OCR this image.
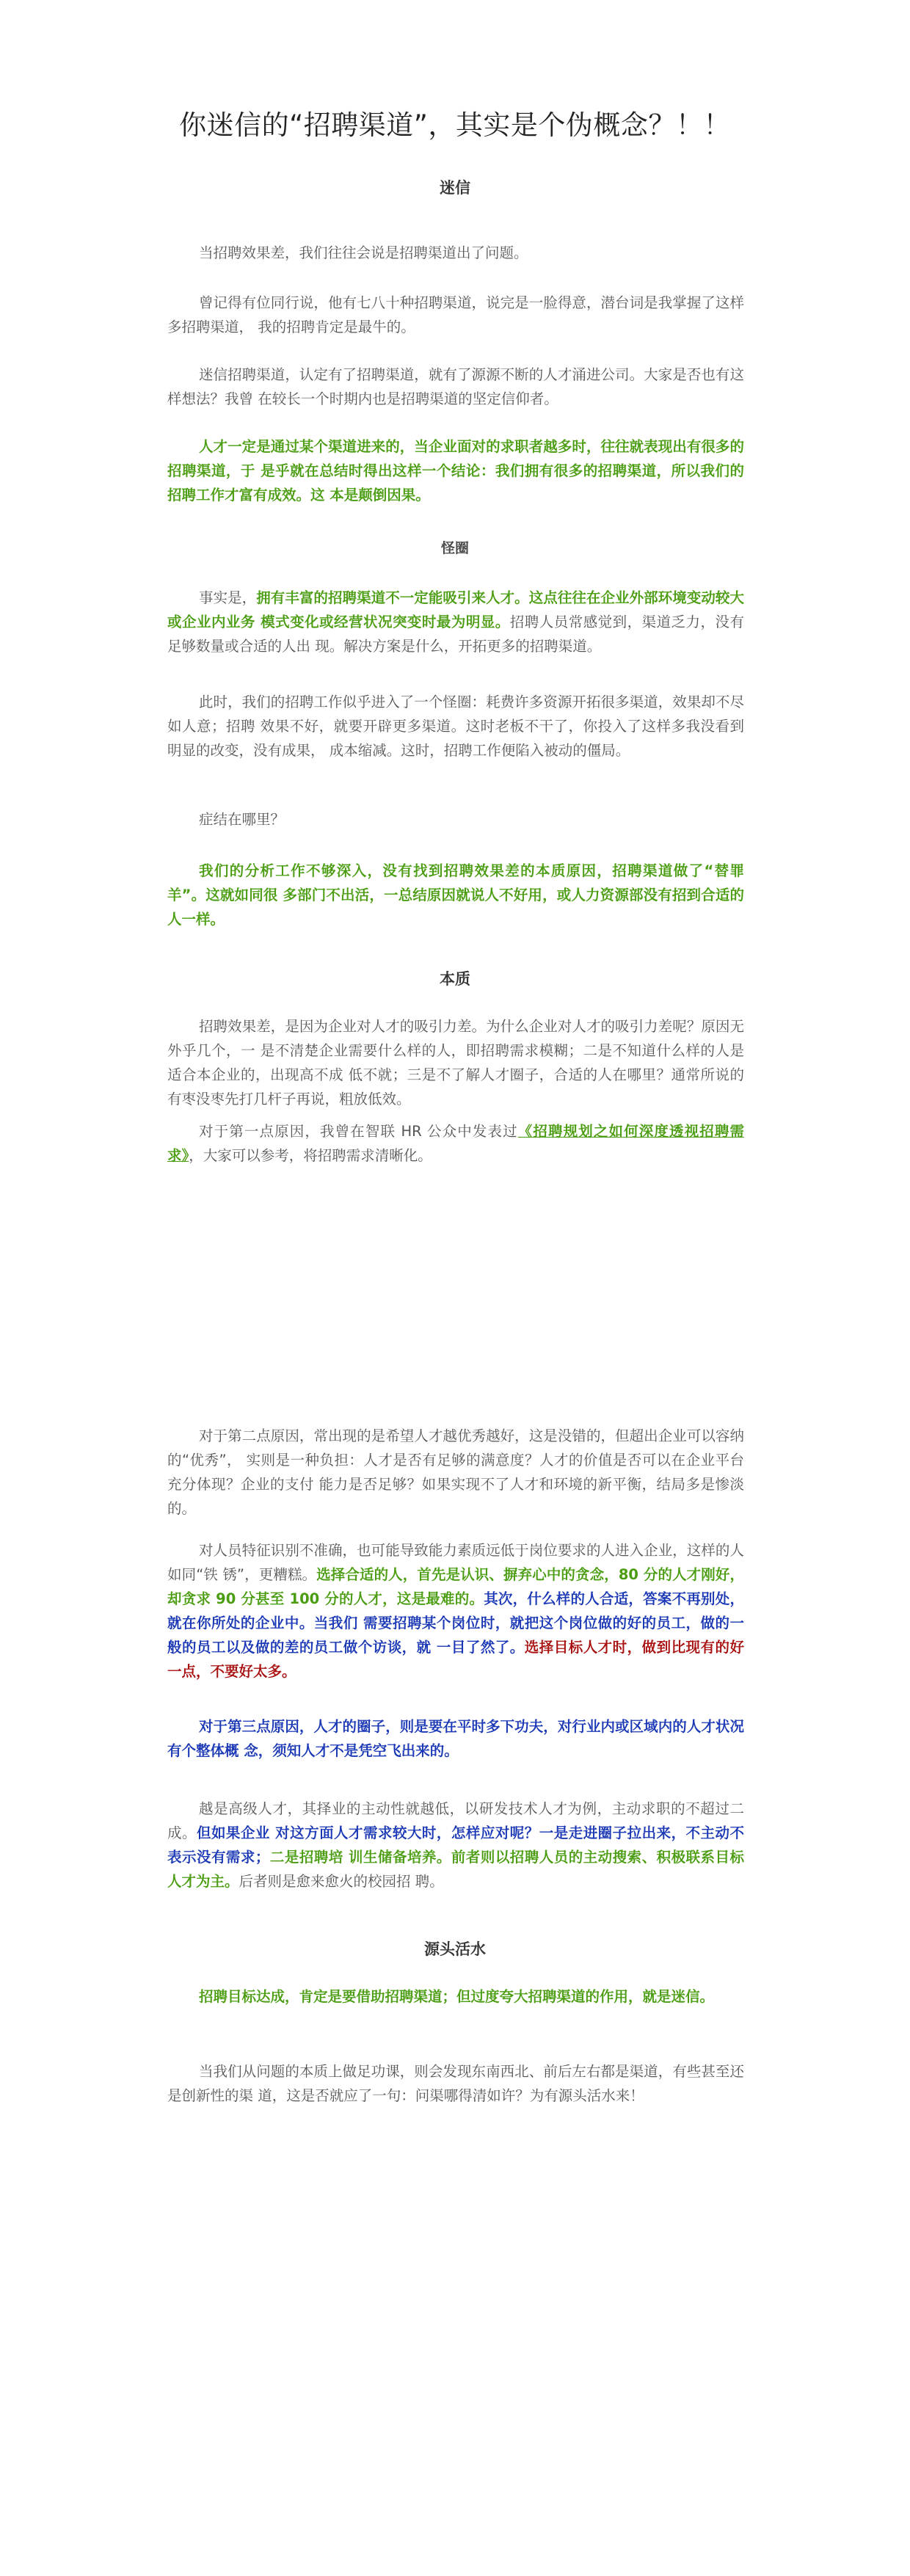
你迷信的“招聘渠道”，其实是个伪概念？！！
迷信
当招聘效果差，我们往往会说是招聘渠道出了问题。
曾记得有位同行说，他有七八十种招聘渠道，说完是一脸得意，潜台词是我掌握了这样多招聘渠道， 我的招聘肯定是最牛的。
迷信招聘渠道，认定有了招聘渠道，就有了源源不断的人才涌进公司。大家是否也有这样想法？我曾 在较长一个时期内也是招聘渠道的坚定信仰者。
人才一定是通过某个渠道进来的，当企业面对的求职者越多时，往往就表现出有很多的招聘渠道，于 是乎就在总结时得出这样一个结论：我们拥有很多的招聘渠道，所以我们的招聘工作才富有成效。这 本是颠倒因果。
怪圈
事实是，拥有丰富的招聘渠道不一定能吸引来人才。这点往往在企业外部环境变动较大或企业内业务 模式变化或经营状况突变时最为明显。招聘人员常感觉到，渠道乏力，没有足够数量或合适的人出 现。解决方案是什么，开拓更多的招聘渠道。
此时，我们的招聘工作似乎进入了一个怪圈：耗费许多资源开拓很多渠道，效果却不尽如人意；招聘 效果不好，就要开辟更多渠道。这时老板不干了，你投入了这样多我没看到明显的改变，没有成果， 成本缩减。这时，招聘工作便陷入被动的僵局。
症结在哪里？
我们的分析工作不够深入，没有找到招聘效果差的本质原因，招聘渠道做了“替罪羊”。这就如同很 多部门不出活，一总结原因就说人不好用，或人力资源部没有招到合适的人一样。
本质
招聘效果差，是因为企业对人才的吸引力差。为什么企业对人才的吸引力差呢？原因无外乎几个，一 是不清楚企业需要什么样的人，即招聘需求模糊；二是不知道什么样的人是适合本企业的，出现高不成 低不就；三是不了解人才圈子，合适的人在哪里？通常所说的有枣没枣先打几杆子再说，粗放低效。
对于第一点原因，我曾在智联 HR 公众中发表过《招聘规划之如何深度透视招聘需求》，大家可以参考，将招聘需求清晰化。
对于第二点原因，常出现的是希望人才越优秀越好，这是没错的，但超出企业可以容纳的“优秀”， 实则是一种负担：人才是否有足够的满意度？人才的价值是否可以在企业平台充分体现？企业的支付 能力是否足够？如果实现不了人才和环境的新平衡，结局多是惨淡的。
对人员特征识别不准确，也可能导致能力素质远低于岗位要求的人进入企业，这样的人如同“铁 锈”，更糟糕。选择合适的人，首先是认识、摒弃心中的贪念，80 分的人才刚好，却贪求 90 分甚至 100 分的人才，这是最难的。其次，什么样的人合适，答案不再别处，就在你所处的企业中。当我们 需要招聘某个岗位时，就把这个岗位做的好的员工，做的一般的员工以及做的差的员工做个访谈，就 一目了然了。选择目标人才时，做到比现有的好一点，不要好太多。
对于第三点原因，人才的圈子，则是要在平时多下功夫，对行业内或区域内的人才状况有个整体概 念，须知人才不是凭空飞出来的。
越是高级人才，其择业的主动性就越低，以研发技术人才为例，主动求职的不超过二成。但如果企业 对这方面人才需求较大时，怎样应对呢？一是走进圈子拉出来，不主动不表示没有需求；二是招聘培 训生储备培养。前者则以招聘人员的主动搜索、积极联系目标人才为主。后者则是愈来愈火的校园招 聘。
源头活水
招聘目标达成，肯定是要借助招聘渠道；但过度夸大招聘渠道的作用，就是迷信。
当我们从问题的本质上做足功课，则会发现东南西北、前后左右都是渠道，有些甚至还是创新性的渠 道，这是否就应了一句：问渠哪得清如许？为有源头活水来！
